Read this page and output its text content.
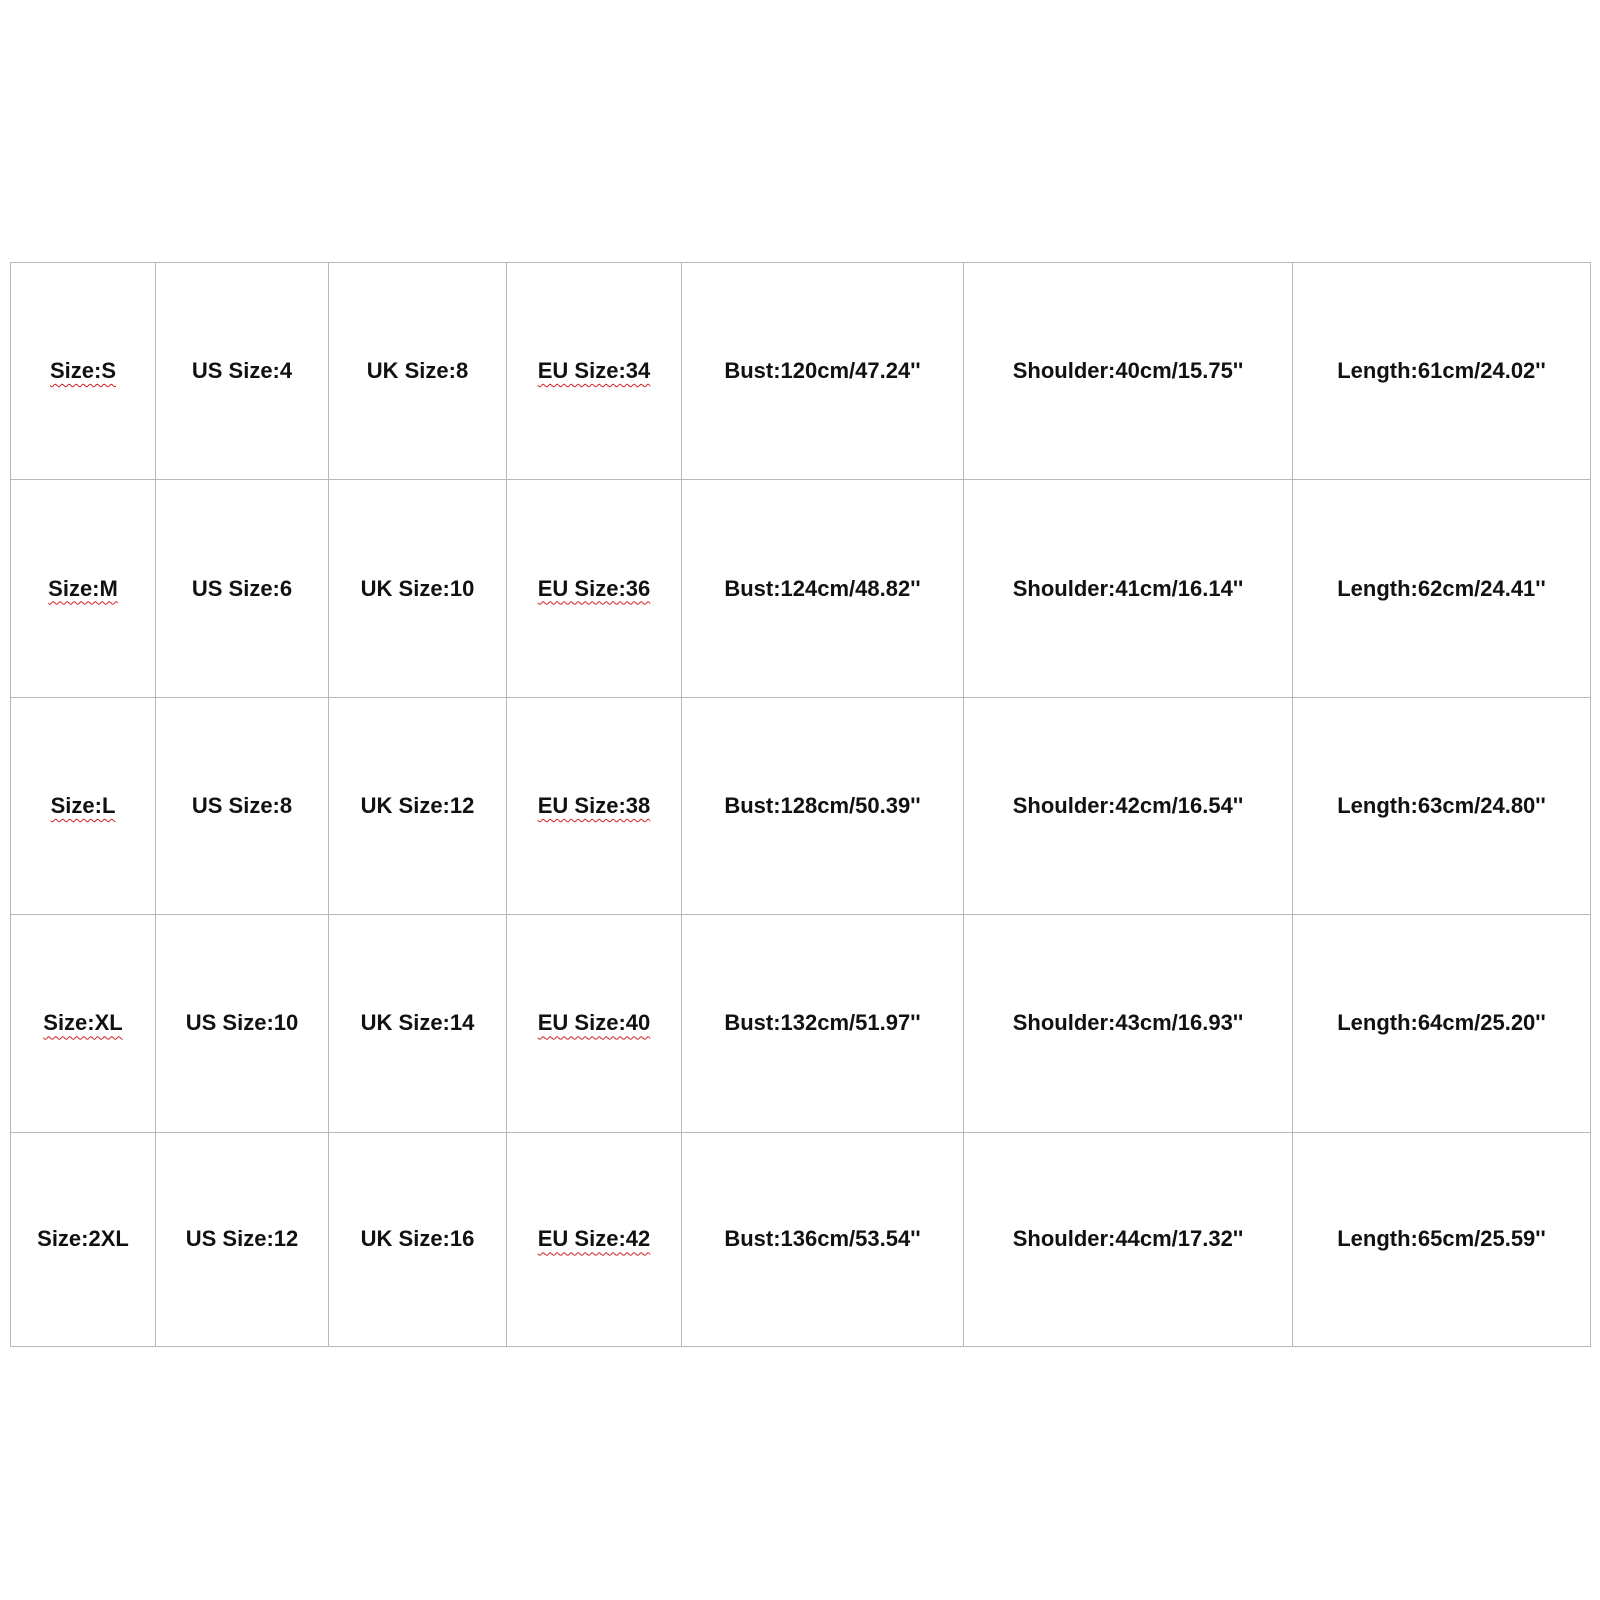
Size:S	US Size:4	UK Size:8	EU Size:34	Bust:120cm/47.24''	Shoulder:40cm/15.75''	Length:61cm/24.02''
Size:M	US Size:6	UK Size:10	EU Size:36	Bust:124cm/48.82''	Shoulder:41cm/16.14''	Length:62cm/24.41''
Size:L	US Size:8	UK Size:12	EU Size:38	Bust:128cm/50.39''	Shoulder:42cm/16.54''	Length:63cm/24.80''
Size:XL	US Size:10	UK Size:14	EU Size:40	Bust:132cm/51.97''	Shoulder:43cm/16.93''	Length:64cm/25.20''
Size:2XL	US Size:12	UK Size:16	EU Size:42	Bust:136cm/53.54''	Shoulder:44cm/17.32''	Length:65cm/25.59''
